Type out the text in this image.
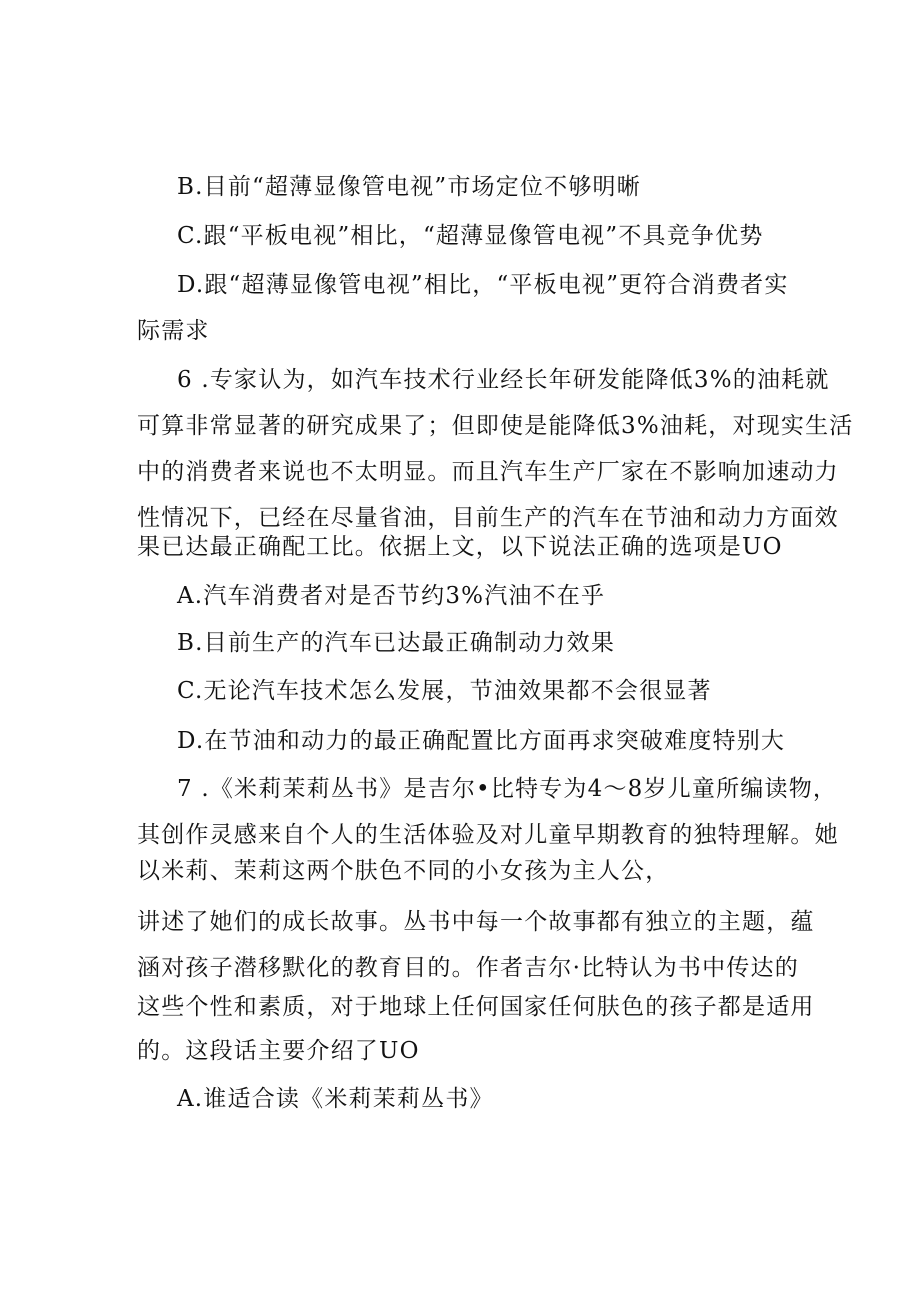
B.目前“超薄显像管电视”市场定位不够明晰
C.跟“平板电视”相比，“超薄显像管电视”不具竞争优势
D.跟“超薄显像管电视”相比，“平板电视”更符合消费者实
际需求
6 .专家认为，如汽车技术行业经长年研发能降低3%的油耗就
可算非常显著的研究成果了；但即使是能降低3%油耗，对现实生活
中的消费者来说也不太明显。而且汽车生产厂家在不影响加速动力
性情况下，已经在尽量省油，目前生产的汽车在节油和动力方面效
果已达最正确配工比。依据上文，以下说法正确的选项是UO
A.汽车消费者对是否节约3%汽油不在乎
B.目前生产的汽车已达最正确制动力效果
C.无论汽车技术怎么发展，节油效果都不会很显著
D.在节油和动力的最正确配置比方面再求突破难度特别大
7 .《米莉茉莉丛书》是吉尔•比特专为4〜8岁儿童所编读物，
其创作灵感来自个人的生活体验及对儿童早期教育的独特理解。她
以米莉、茉莉这两个肤色不同的小女孩为主人公，
讲述了她们的成长故事。丛书中每一个故事都有独立的主题，蕴
涵对孩子潜移默化的教育目的。作者吉尔·比特认为书中传达的
这些个性和素质，对于地球上任何国家任何肤色的孩子都是适用
的。这段话主要介绍了UO
A.谁适合读《米莉茉莉丛书》
